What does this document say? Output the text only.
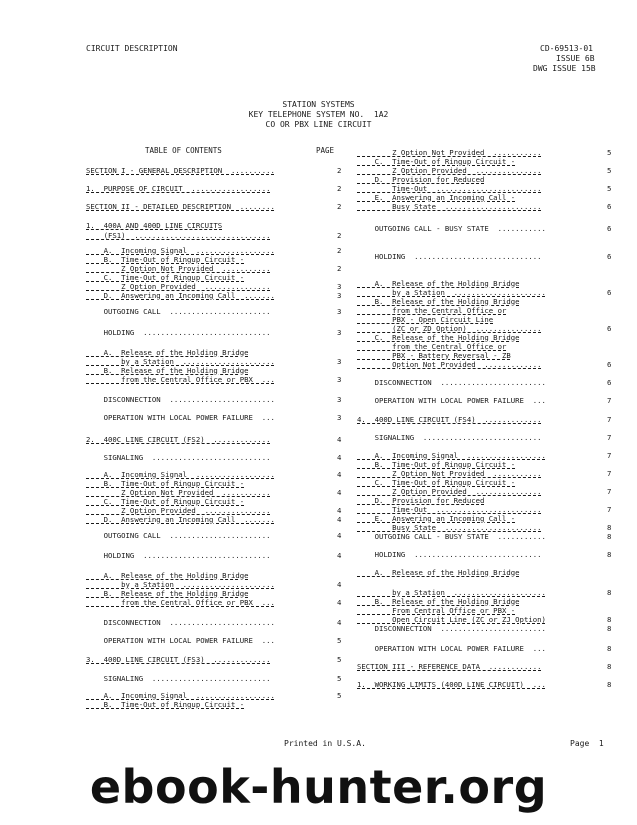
CIRCUIT DESCRIPTION	CD-69513-01
ISSUE 6B
DWG ISSUE 15B
STATION SYSTEMS
KEY TELEPHONE SYSTEM NO.  1A2
CO OR PBX LINE CIRCUIT
TABLE OF CONTENTS	PAGE
SECTION I - GENERAL DESCRIPTION  ..........	2
1.  PURPOSE OF CIRCUIT  ..................	2
SECTION II - DETAILED DESCRIPTION  ........	2
1.  400A AND 400D LINE CIRCUITS
(FS1)  ...............................	2
A.  Incoming Signal  ..................	2
B.  Time-Out of Ringup Circuit -
Z Option Not Provided  ...........	2
C.  Time-Out of Ringup Circuit -
Z Option Provided  ...............	3
D.  Answering an Incoming Call  .......	3
OUTGOING CALL  .......................	3
HOLDING  .............................	3
A.  Release of the Holding Bridge
by a Station  .....................	3
B.  Release of the Holding Bridge
from the Central Office or PBX  ...	3
DISCONNECTION  ........................	3
OPERATION WITH LOCAL POWER FAILURE  ...	3
2.  400C LINE CIRCUIT (FS2)  .............	4
SIGNALING  ...........................	4
A.  Incoming Signal  ..................	4
B.  Time-Out of Ringup Circuit -
Z Option Not Provided  ...........	4
C.  Time-Out of Ringup Circuit -
Z Option Provided  ...............	4
D.  Answering an Incoming Call  .......	4
OUTGOING CALL  .......................	4
HOLDING  .............................	4
A.  Release of the Holding Bridge
by a Station  .....................	4
B.  Release of the Holding Bridge
from the Central Office or PBX  ...	4
DISCONNECTION  ........................	4
OPERATION WITH LOCAL POWER FAILURE  ...	5
3.  400D LINE CIRCUIT (FS3)  .............	5
SIGNALING  ...........................	5
A.  Incoming Signal  ..................	5
B.  Time-Out of Ringup Circuit -
Z Option Not Provided  ...........	5
C.  Time-Out of Ringup Circuit -
Z Option Provided  ...............	5
D.  Provision for Reduced
Time-Out  ........................	5
E.  Answering an Incoming Call -
Busy State  ......................	6
OUTGOING CALL - BUSY STATE  ...........	6
HOLDING  .............................	6
A.  Release of the Holding Bridge
by a Station  .....................	6
B.  Release of the Holding Bridge
from the Central Office or
PBX - Open Circuit Line
(ZC or ZD Option)  ...............	6
C.  Release of the Holding Bridge
from the Central Office or
PBX - Battery Reversal - ZB
Option Not Provided  .............	6
DISCONNECTION  ........................	6
OPERATION WITH LOCAL POWER FAILURE  ...	7
4.  400D LINE CIRCUIT (FS4)  .............	7
SIGNALING  ...........................	7
A.  Incoming Signal  ..................	7
B.  Time-Out of Ringup Circuit -
Z Option Not Provided  ...........	7
C.  Time-Out of Ringup Circuit -
Z Option Provided  ...............	7
D.  Provision for Reduced
Time-Out  ........................	7
E.  Answering an Incoming Call -
Busy State  ......................	8
OUTGOING CALL - BUSY STATE  ...........	8
HOLDING  .............................	8
A.  Release of the Holding Bridge
by a Station  .....................	8
B.  Release of the Holding Bridge
From Central Office or PBX -
Open Circuit Line (ZC or ZJ Option)	8
DISCONNECTION  ........................	8
OPERATION WITH LOCAL POWER FAILURE  ...	8
SECTION III - REFERENCE DATA  ............	8
1.  WORKING LIMITS (400D LINE CIRCUIT)  ...	8
Printed in U.S.A.	Page  1
ebook-hunter.org
